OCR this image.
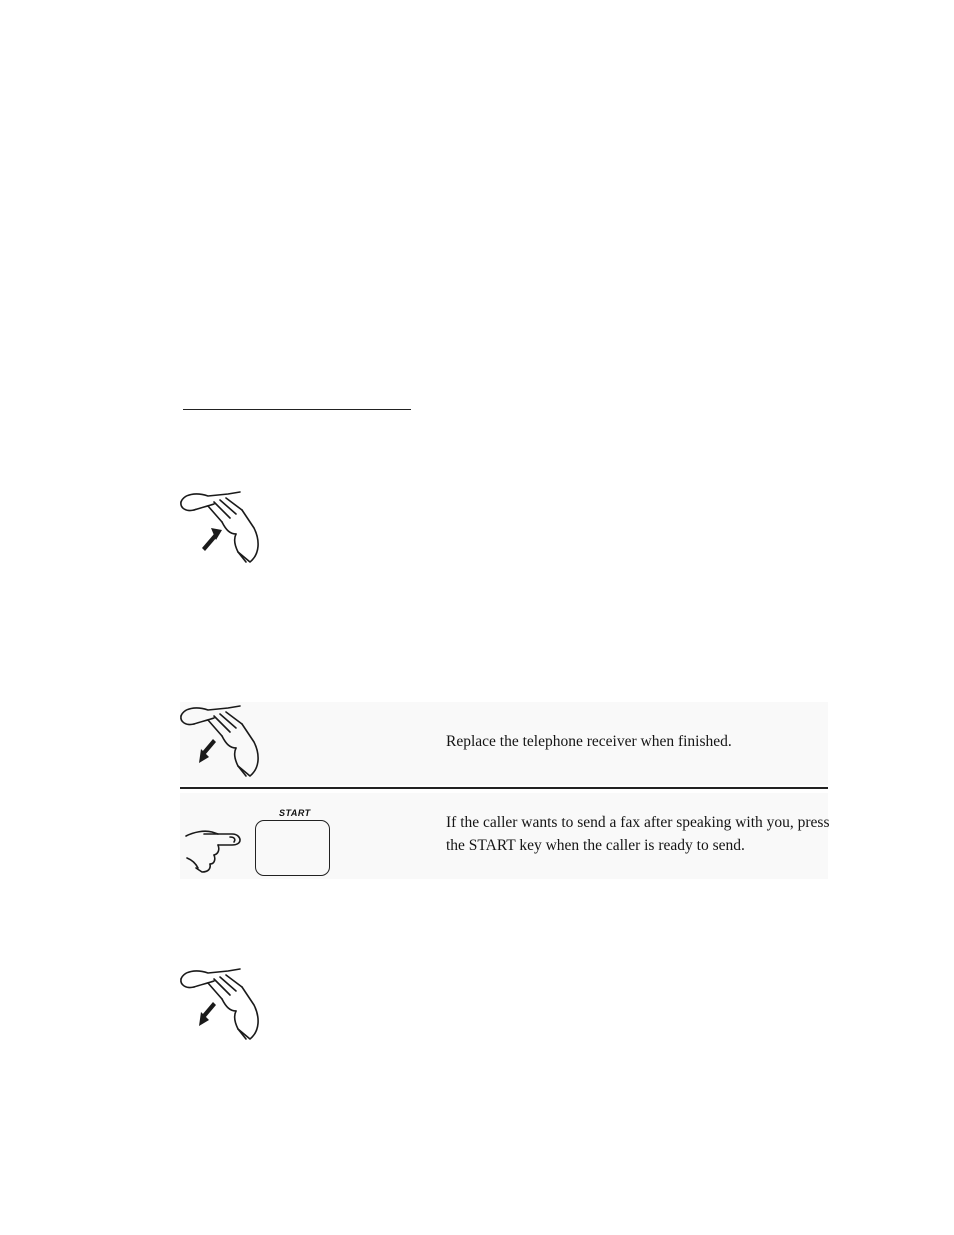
Replace the telephone receiver when finished.
START
If the caller wants to send a fax after speaking with you, press
the START key when the caller is ready to send.
